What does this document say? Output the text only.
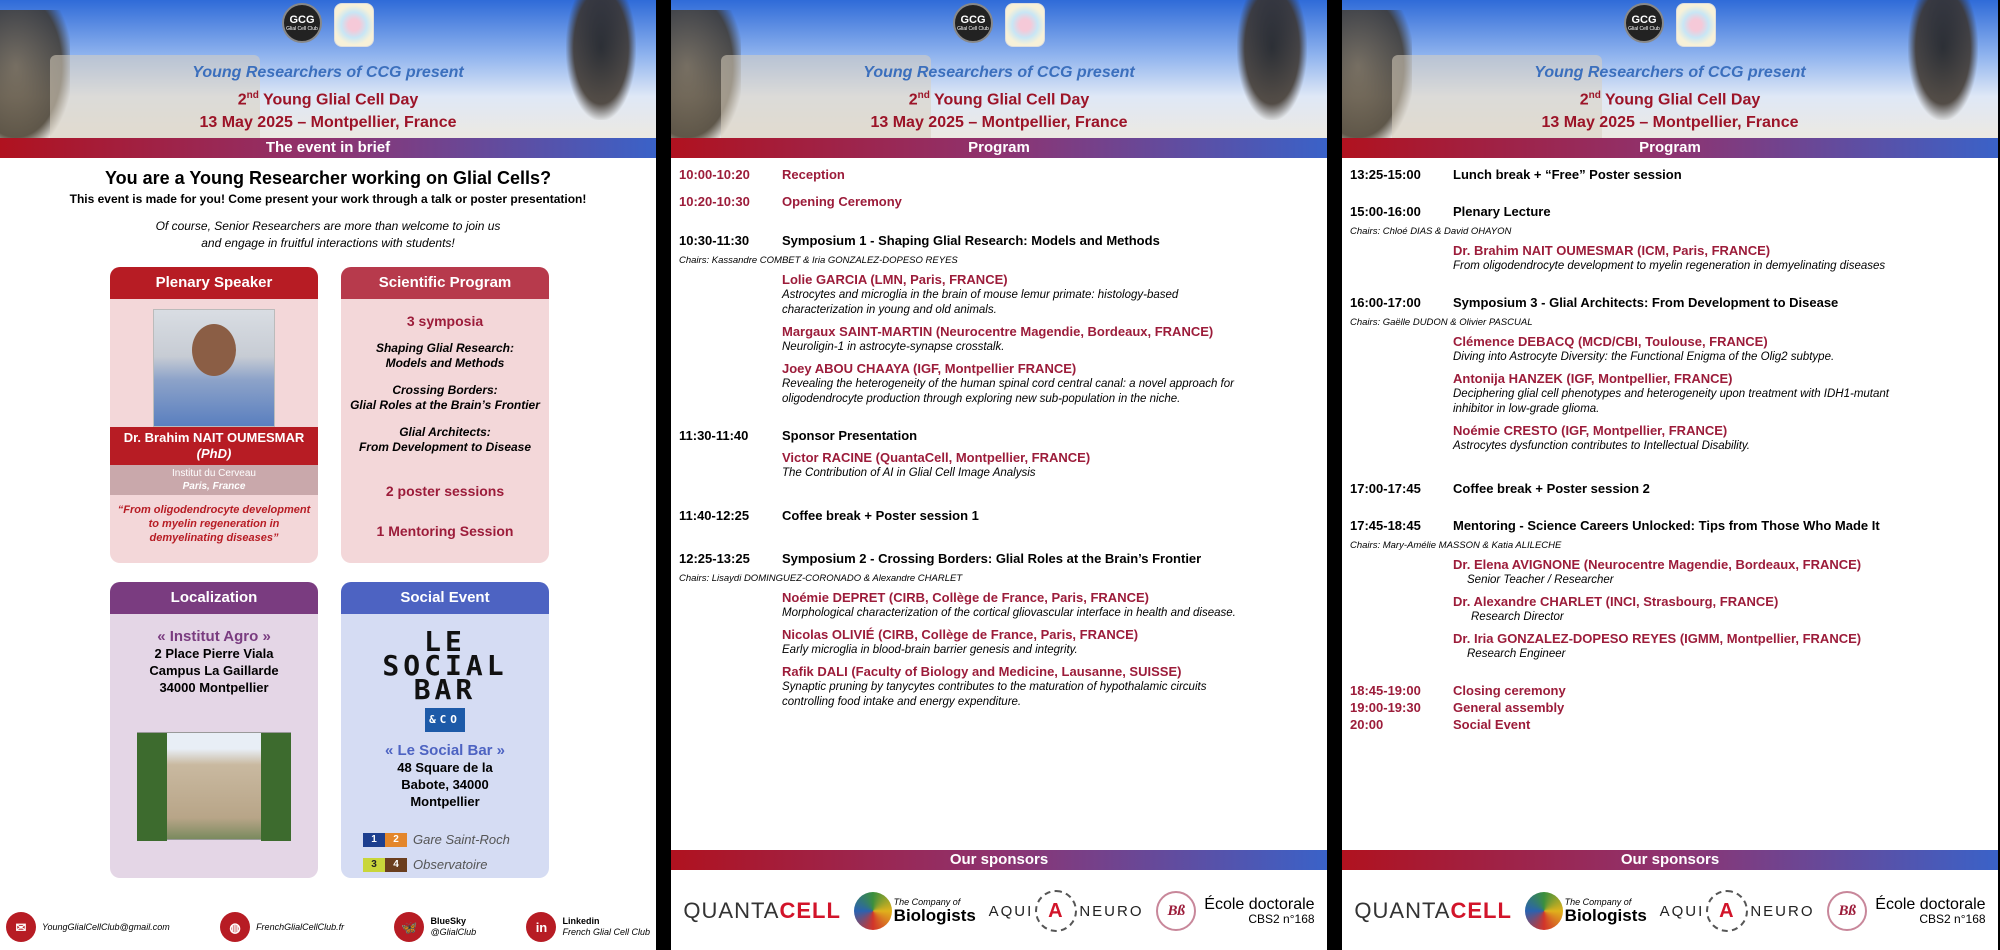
GCG
Glial Cell Club
Young Researchers of CCG present
2nd Young Glial Cell Day
13 May 2025 – Montpellier, France
The event in brief
You are a Young Researcher working on Glial Cells?
This event is made for you! Come present your work through a talk or poster presentation!
Of course, Senior Researchers are more than welcome to join us
and engage in fruitful interactions with students!
Plenary Speaker
Dr. Brahim NAIT OUMESMAR
(PhD)
Institut du Cerveau
Paris, France
“From oligodendrocyte development
to myelin regeneration in
demyelinating diseases”
Scientific Program
3 symposia
Shaping Glial Research:
Models and Methods
Crossing Borders:
Glial Roles at the Brain’s Frontier
Glial Architects:
From Development to Disease
2 poster sessions
1 Mentoring Session
Localization
« Institut Agro »
2 Place Pierre Viala
Campus La Gaillarde
34000 Montpellier
Social Event
LE
SOCIAL
BAR
&CO
« Le Social Bar »
48 Square de la
Babote, 34000
Montpellier
1	2	Gare Saint-Roch
3	4	Observatoire
✉	YoungGlialCellClub@gmail.com	◍	FrenchGlialCellClub.fr	🦋	BlueSky
@GlialClub	in	Linkedin
French Glial Cell Club
GCG
Glial Cell Club
Young Researchers of CCG present
2nd Young Glial Cell Day
13 May 2025 – Montpellier, France
Program
10:00-10:20	Reception
10:20-10:30	Opening Ceremony
10:30-11:30	Symposium 1 - Shaping Glial Research: Models and Methods
Chairs: Kassandre COMBET & Iria GONZALEZ-DOPESO REYES
Lolie GARCIA (LMN, Paris, FRANCE)
Astrocytes and microglia in the brain of mouse lemur primate: histology-based
characterization in young and old animals.
Margaux SAINT-MARTIN (Neurocentre Magendie, Bordeaux, FRANCE)
Neuroligin-1 in astrocyte-synapse crosstalk.
Joey ABOU CHAAYA (IGF, Montpellier FRANCE)
Revealing the heterogeneity of the human spinal cord central canal: a novel approach for
oligodendrocyte production through exploring new sub-population in the niche.
11:30-11:40	Sponsor Presentation
Victor RACINE (QuantaCell, Montpellier, FRANCE)
The Contribution of AI in Glial Cell Image Analysis
11:40-12:25	Coffee break + Poster session 1
12:25-13:25	Symposium 2 - Crossing Borders: Glial Roles at the Brain’s Frontier
Chairs: Lisaydi DOMINGUEZ-CORONADO & Alexandre CHARLET
Noémie DEPRET (CIRB, Collège de France, Paris, FRANCE)
Morphological characterization of the cortical gliovascular interface in health and disease.
Nicolas OLIVIÉ (CIRB, Collège de France, Paris, FRANCE)
Early microglia in blood-brain barrier genesis and integrity.
Rafik DALI (Faculty of Biology and Medicine, Lausanne, SUISSE)
Synaptic pruning by tanycytes contributes to the maturation of hypothalamic circuits
controlling food intake and energy expenditure.
Our sponsors
QUANTACELL	The Company of
Biologists AQUI A NEURO	Bß	École doctorale
CBS2 n°168
GCG
Glial Cell Club
Young Researchers of CCG present
2nd Young Glial Cell Day
13 May 2025 – Montpellier, France
Program
13:25-15:00	Lunch break + “Free” Poster session
15:00-16:00	Plenary Lecture
Chairs: Chloé DIAS & David OHAYON
Dr. Brahim NAIT OUMESMAR (ICM, Paris, FRANCE)
From oligodendrocyte development to myelin regeneration in demyelinating diseases
16:00-17:00	Symposium 3 - Glial Architects: From Development to Disease
Chairs: Gaëlle DUDON & Olivier PASCUAL
Clémence DEBACQ (MCD/CBI, Toulouse, FRANCE)
Diving into Astrocyte Diversity: the Functional Enigma of the Olig2 subtype.
Antonija HANZEK (IGF, Montpellier, FRANCE)
Deciphering glial cell phenotypes and heterogeneity upon treatment with IDH1-mutant
inhibitor in low-grade glioma.
Noémie CRESTO (IGF, Montpellier, FRANCE)
Astrocytes dysfunction contributes to Intellectual Disability.
17:00-17:45	Coffee break + Poster session 2
17:45-18:45	Mentoring - Science Careers Unlocked: Tips from Those Who Made It
Chairs: Mary-Amélie MASSON & Katia ALILECHE
Dr. Elena AVIGNONE (Neurocentre Magendie, Bordeaux, FRANCE)
Senior Teacher / Researcher
Dr. Alexandre CHARLET (INCI, Strasbourg, FRANCE)
Research Director
Dr. Iria GONZALEZ-DOPESO REYES (IGMM, Montpellier, FRANCE)
Research Engineer
18:45-19:00	Closing ceremony
19:00-19:30	General assembly
20:00	Social Event
Our sponsors
QUANTACELL	The Company of
Biologists AQUI A NEURO	Bß	École doctorale
CBS2 n°168
